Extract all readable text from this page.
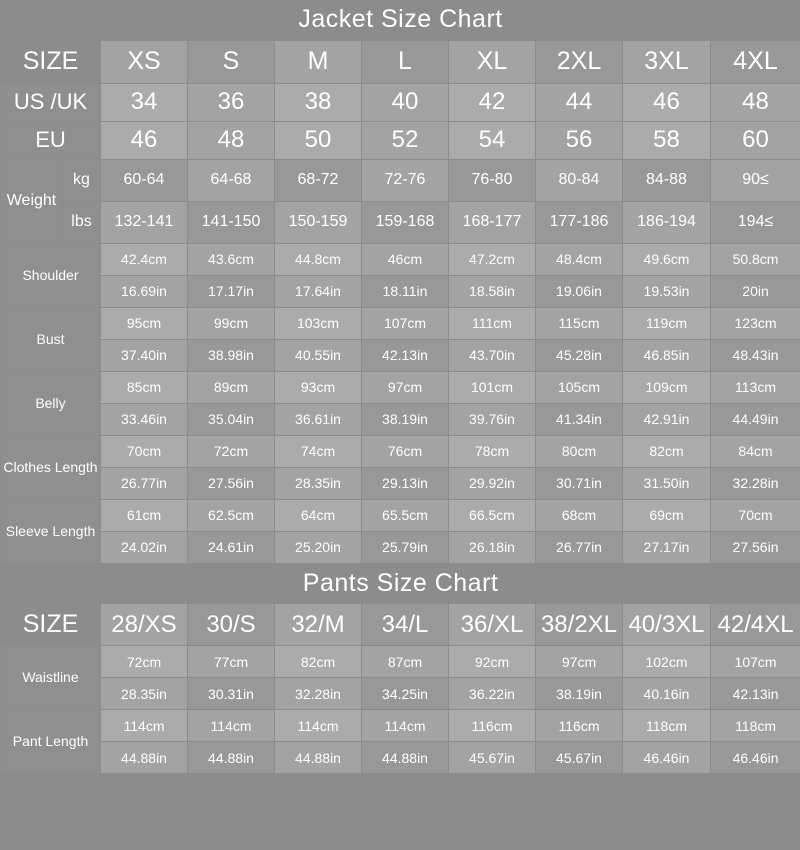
Jacket Size Chart									
SIZE		XS	S	M	L	XL	2XL	3XL	4XL
US /UK		34	36	38	40	42	44	46	48
EU		46	48	50	52	54	56	58	60
Weight	kg	60-64	64-68	68-72	72-76	76-80	80-84	84-88	90≤
	lbs	132-141	141-150	150-159	159-168	168-177	177-186	186-194	194≤
Shoulder		42.4cm	43.6cm	44.8cm	46cm	47.2cm	48.4cm	49.6cm	50.8cm
		16.69in	17.17in	17.64in	18.11in	18.58in	19.06in	19.53in	20in
Bust		95cm	99cm	103cm	107cm	111cm	115cm	119cm	123cm
		37.40in	38.98in	40.55in	42.13in	43.70in	45.28in	46.85in	48.43in
Belly		85cm	89cm	93cm	97cm	101cm	105cm	109cm	113cm
		33.46in	35.04in	36.61in	38.19in	39.76in	41.34in	42.91in	44.49in
Clothes Length		70cm	72cm	74cm	76cm	78cm	80cm	82cm	84cm
		26.77in	27.56in	28.35in	29.13in	29.92in	30.71in	31.50in	32.28in
Sleeve Length		61cm	62.5cm	64cm	65.5cm	66.5cm	68cm	69cm	70cm
		24.02in	24.61in	25.20in	25.79in	26.18in	26.77in	27.17in	27.56in
Pants Size Chart								
SIZE	28/XS	30/S	32/M	34/L	36/XL	38/2XL	40/3XL	42/4XL
Waistline	72cm	77cm	82cm	87cm	92cm	97cm	102cm	107cm
	28.35in	30.31in	32.28in	34.25in	36.22in	38.19in	40.16in	42.13in
Pant Length	114cm	114cm	114cm	114cm	116cm	116cm	118cm	118cm
	44.88in	44.88in	44.88in	44.88in	45.67in	45.67in	46.46in	46.46in
